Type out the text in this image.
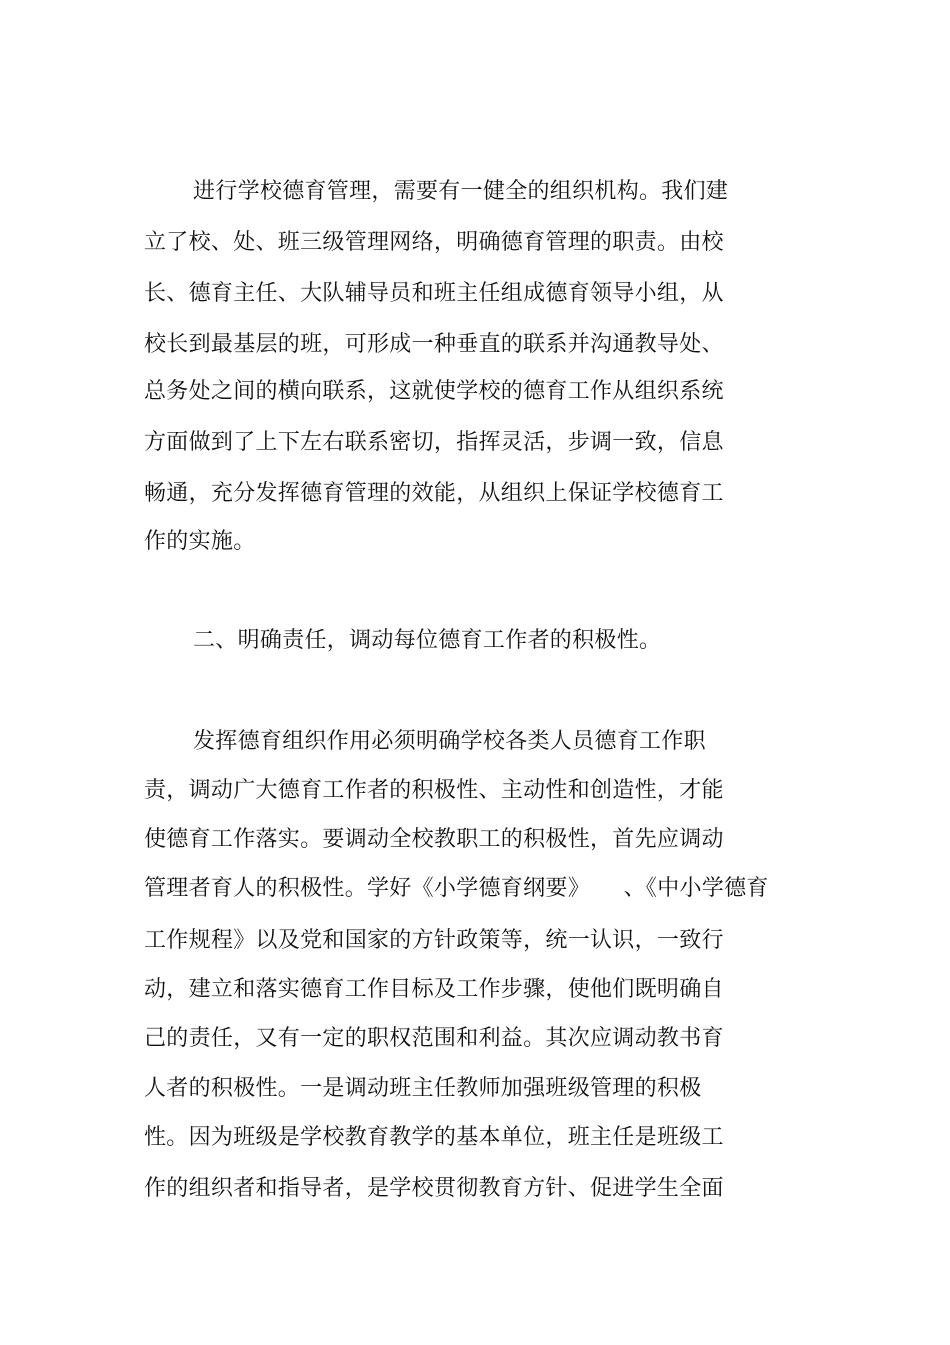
进行学校德育管理，需要有一健全的组织机构。我们建
立了校、处、班三级管理网络，明确德育管理的职责。由校
长、德育主任、大队辅导员和班主任组成德育领导小组，从
校长到最基层的班，可形成一种垂直的联系并沟通教导处、
总务处之间的横向联系，这就使学校的德育工作从组织系统
方面做到了上下左右联系密切，指挥灵活，步调一致，信息
畅通，充分发挥德育管理的效能，从组织上保证学校德育工
作的实施。
二、明确责任，调动每位德育工作者的积极性。
发挥德育组织作用必须明确学校各类人员德育工作职
责，调动广大德育工作者的积极性、主动性和创造性，才能
使德育工作落实。要调动全校教职工的积极性，首先应调动
管理者育人的积极性。学好《小学德育纲要》　　、《中小学德育
工作规程》以及党和国家的方针政策等，统一认识，一致行
动，建立和落实德育工作目标及工作步骤，使他们既明确自
己的责任，又有一定的职权范围和利益。其次应调动教书育
人者的积极性。一是调动班主任教师加强班级管理的积极
性。因为班级是学校教育教学的基本单位，班主任是班级工
作的组织者和指导者，是学校贯彻教育方针、促进学生全面
